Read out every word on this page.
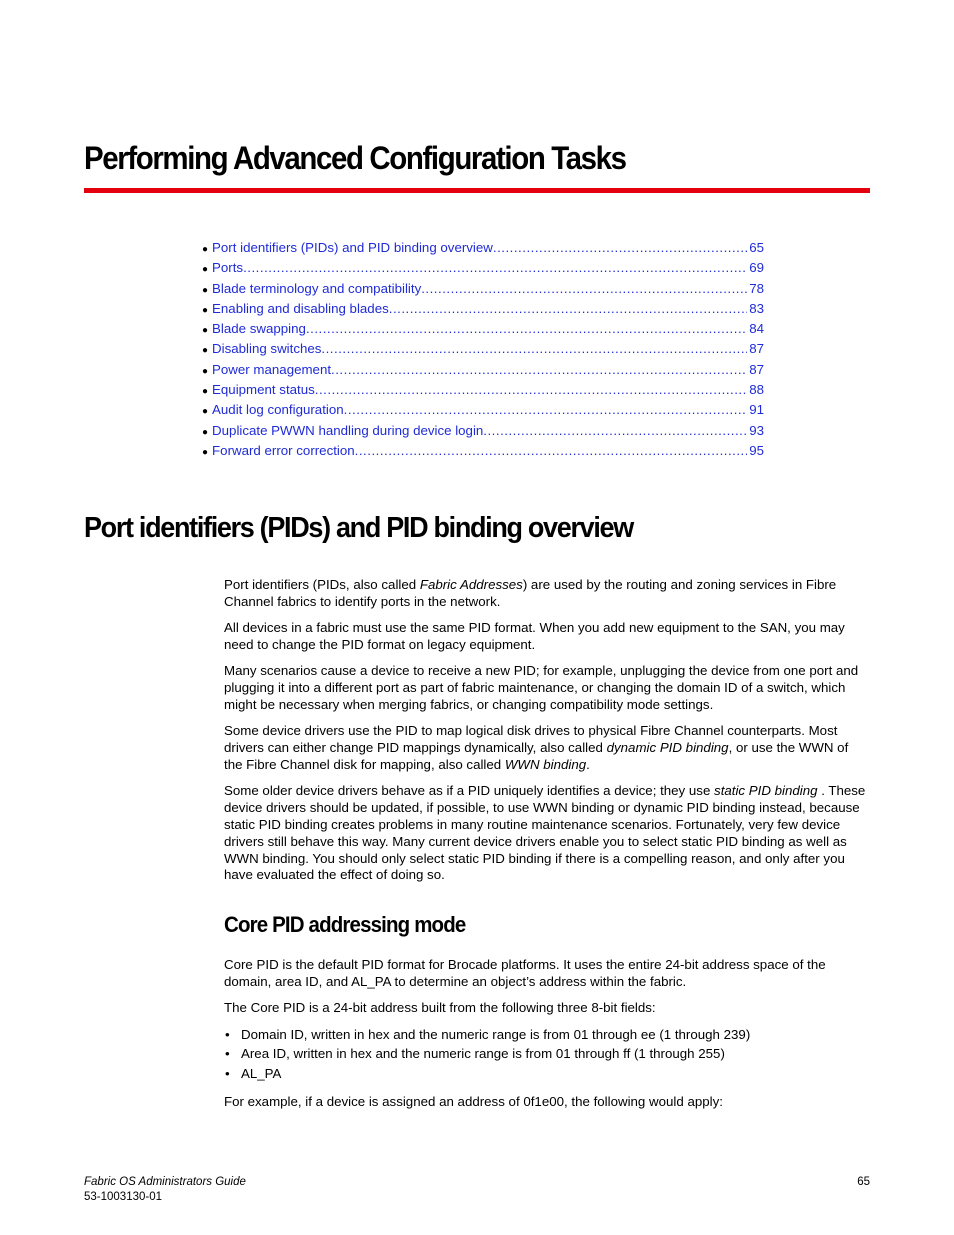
Performing Advanced Configuration Tasks
● Port identifiers (PIDs) and PID binding overview .....	65
● Ports .....	69
● Blade terminology and compatibility .....	78
● Enabling and disabling blades .....	83
● Blade swapping .....	84
● Disabling switches .....	87
● Power management .....	87
● Equipment status .....	88
● Audit log configuration .....	91
● Duplicate PWWN handling during device login .....	93
● Forward error correction .....	95
Port identifiers (PIDs) and PID binding overview

Port identifiers (PIDs, also called Fabric Addresses) are used by the routing and zoning services in Fibre Channel fabrics to identify ports in the network.

All devices in a fabric must use the same PID format. When you add new equipment to the SAN, you may need to change the PID format on legacy equipment.

Many scenarios cause a device to receive a new PID; for example, unplugging the device from one port and plugging it into a different port as part of fabric maintenance, or changing the domain ID of a switch, which might be necessary when merging fabrics, or changing compatibility mode settings.

Some device drivers use the PID to map logical disk drives to physical Fibre Channel counterparts. Most drivers can either change PID mappings dynamically, also called dynamic PID binding, or use the WWN of the Fibre Channel disk for mapping, also called WWN binding.

Some older device drivers behave as if a PID uniquely identifies a device; they use static PID binding . These device drivers should be updated, if possible, to use WWN binding or dynamic PID binding instead, because static PID binding creates problems in many routine maintenance scenarios. Fortunately, very few device drivers still behave this way. Many current device drivers enable you to select static PID binding as well as WWN binding. You should only select static PID binding if there is a compelling reason, and only after you have evaluated the effect of doing so.

Core PID addressing mode

Core PID is the default PID format for Brocade platforms. It uses the entire 24-bit address space of the domain, area ID, and AL_PA to determine an object’s address within the fabric.

The Core PID is a 24-bit address built from the following three 8-bit fields:

• Domain ID, written in hex and the numeric range is from 01 through ee (1 through 239)
• Area ID, written in hex and the numeric range is from 01 through ff (1 through 255)
• AL_PA

For example, if a device is assigned an address of 0f1e00, the following would apply:

Fabric OS Administrators Guide
53-1003130-01
65
